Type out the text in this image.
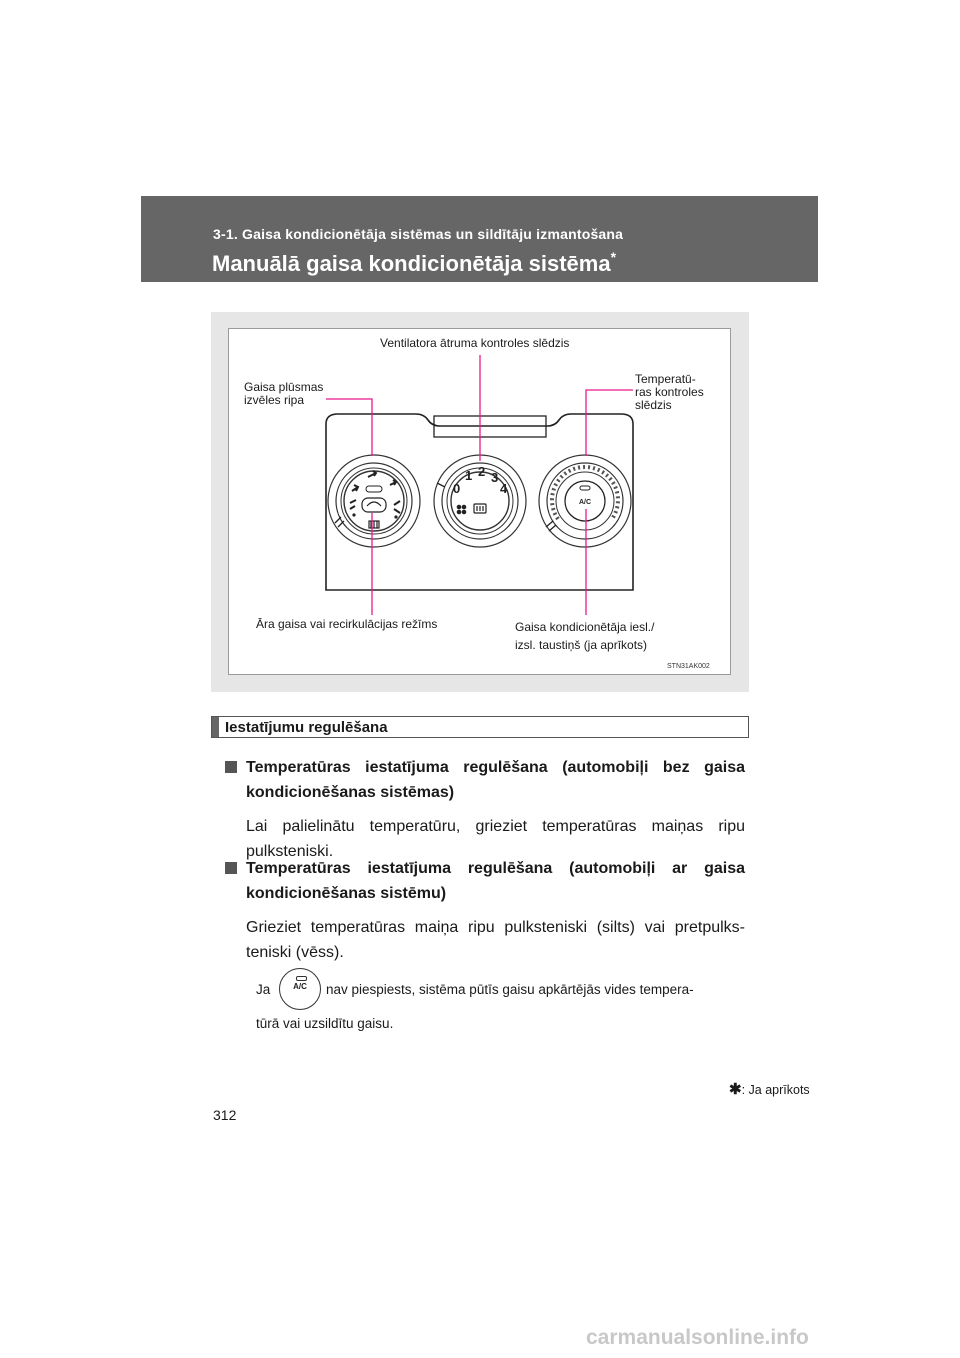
3-1. Gaisa kondicionētāja sistēmas un sildītāju izmantošana
Manuālā gaisa kondicionētāja sistēma*
0
1 2 3
4
A/C
Ventilatora ātruma kontroles slēdzis
Gaisa plūsmas
izvēles ripa
Temperatū-
ras kontroles
slēdzis
Āra gaisa vai recirkulācijas režīms	Gaisa kondicionētāja iesl./
izsl. taustiņš (ja aprīkots)
STN31AK002
Iestatījumu regulēšana
Temperatūras iestatījuma regulēšana (automobiļi bez gaisa kondicionēšanas sistēmas)
Lai palielinātu temperatūru, grieziet temperatūras maiņas ripu pulksteniski.
Temperatūras iestatījuma regulēšana (automobiļi ar gaisa kondicionēšanas sistēmu)
Grieziet temperatūras maiņa ripu pulksteniski (silts) vai pretpulks-teniski (vēss).
Ja	A/C	nav piespiests, sistēma pūtīs gaisu apkārtējās vides tempera-
tūrā vai uzsildītu gaisu.
✱: Ja aprīkots
312
carmanualsonline.info
